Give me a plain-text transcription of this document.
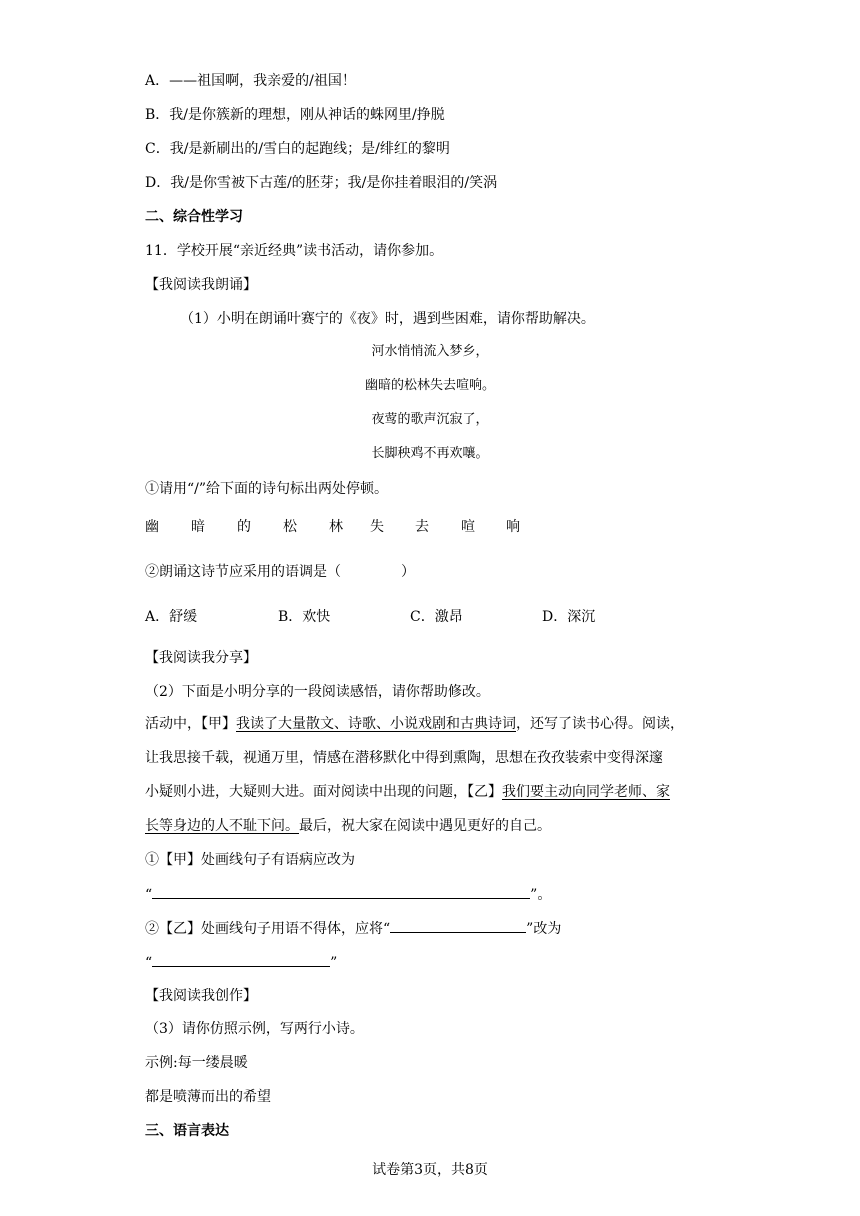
A．——祖国啊，我亲爱的/祖国！
B．我/是你簇新的理想，刚从神话的蛛网里/挣脱
C．我/是新刷出的/雪白的起跑线；是/绯红的黎明
D．我/是你雪被下古莲/的胚芽；我/是你挂着眼泪的/笑涡
二、综合性学习
11．学校开展“亲近经典”读书活动，请你参加。
【我阅读我朗诵】
（1）小明在朗诵叶赛宁的《夜》时，遇到些困难，请你帮助解决。
河水悄悄流入梦乡，
幽暗的松林失去喧响。
夜莺的歌声沉寂了，
长脚秧鸡不再欢嚷。
①请用“/”给下面的诗句标出两处停顿。
幽 暗 的 松 林 失 去 喧 响
②朗诵这诗节应采用的语调是（	）
A．舒缓	B．欢快	C．激昂	D．深沉
【我阅读我分享】
（2）下面是小明分享的一段阅读感悟，请你帮助修改。
活动中，【甲】我读了大量散文、诗歌、小说戏剧和古典诗词，还写了读书心得。阅读，
让我思接千载，视通万里，情感在潜移默化中得到熏陶，思想在孜孜装索中变得深邃
小疑则小进，大疑则大进。面对阅读中出现的问题，【乙】我们要主动向同学老师、家
长等身边的人不耻下问。最后，祝大家在阅读中遇见更好的自己。
①【甲】处画线句子有语病应改为
“	”。
②【乙】处画线句子用语不得体，应将“	”改为
“	”
【我阅读我创作】
（3）请你仿照示例，写两行小诗。
示例:每一缕晨暖
都是喷薄而出的希望
三、语言表达
试卷第3页，共8页
